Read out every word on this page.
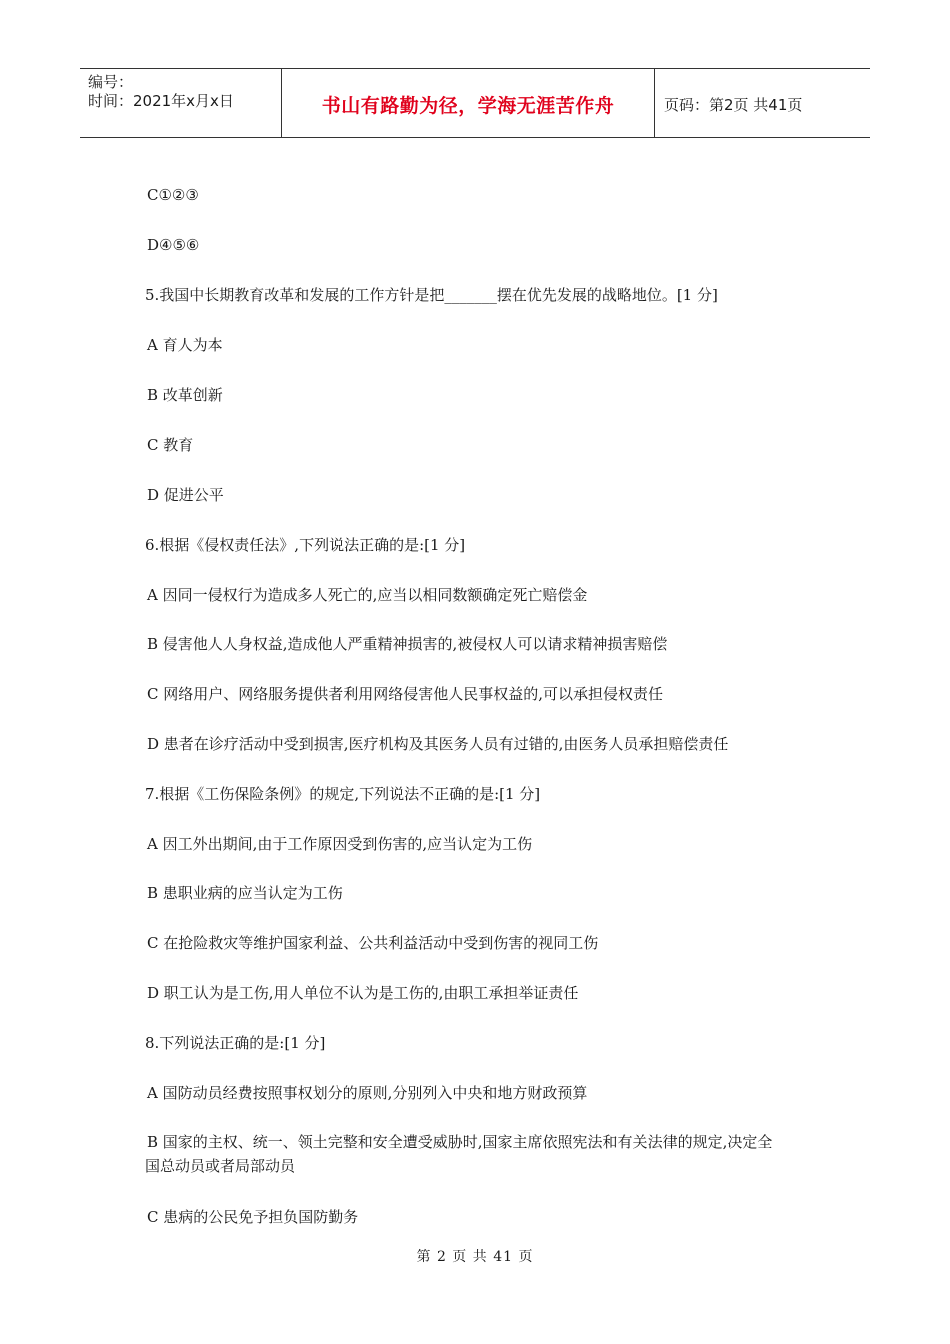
编号：
时间：2021年x月x日	书山有路勤为径，学海无涯苦作舟	页码：第2页 共41页
C①②③
D④⑤⑥
5.我国中长期教育改革和发展的工作方针是把_______摆在优先发展的战略地位。[1 分]
A 育人为本
B 改革创新
C 教育
D 促进公平
6.根据《侵权责任法》,下列说法正确的是:[1 分]
A 因同一侵权行为造成多人死亡的,应当以相同数额确定死亡赔偿金
B 侵害他人人身权益,造成他人严重精神损害的,被侵权人可以请求精神损害赔偿
C 网络用户、网络服务提供者利用网络侵害他人民事权益的,可以承担侵权责任
D 患者在诊疗活动中受到损害,医疗机构及其医务人员有过错的,由医务人员承担赔偿责任
7.根据《工伤保险条例》的规定,下列说法不正确的是:[1 分]
A 因工外出期间,由于工作原因受到伤害的,应当认定为工伤
B 患职业病的应当认定为工伤
C 在抢险救灾等维护国家利益、公共利益活动中受到伤害的视同工伤
D 职工认为是工伤,用人单位不认为是工伤的,由职工承担举证责任
8.下列说法正确的是:[1 分]
A 国防动员经费按照事权划分的原则,分别列入中央和地方财政预算
B 国家的主权、统一、领土完整和安全遭受威胁时,国家主席依照宪法和有关法律的规定,决定全
国总动员或者局部动员
C 患病的公民免予担负国防勤务
第 2 页 共 41 页
